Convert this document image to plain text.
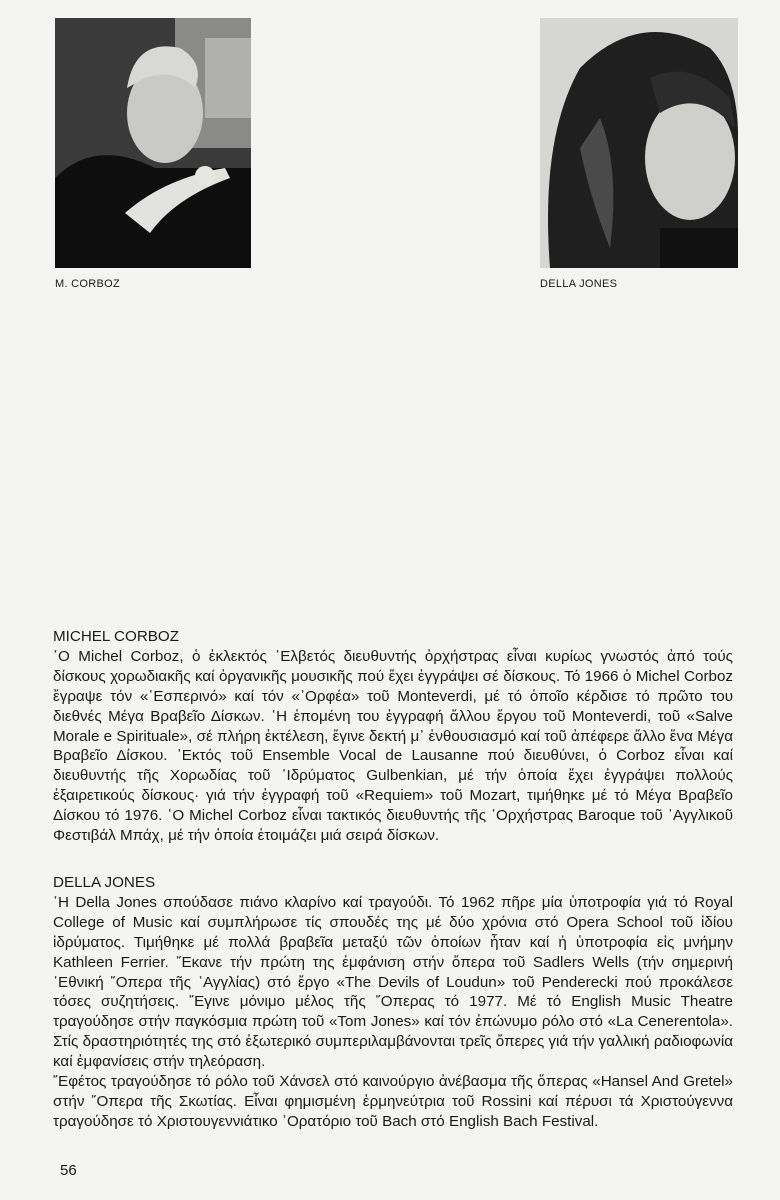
M. CORBOZ	DELLA JONES
MICHEL CORBOZ

῾Ο Michel Corboz, ὁ ἐκλεκτός ῾Ελβετός διευθυντής ὀρχήστρας εἶναι κυρίως γνωστός ἀπό τούς δίσκους χορωδιακῆς καί ὀργανικῆς μουσικῆς πού ἔχει ἐγγράψει σέ δίσκους. Τό 1966 ὁ Michel Corboz ἔγραψε τόν «῾Εσπερινό» καί τόν «᾿Ορφέα» τοῦ Monteverdi, μέ τό ὁποῖο κέρδισε τό πρῶτο του διεθνές Μέγα Βραβεῖο Δίσκων. ῾Η ἑπομένη του ἐγγραφή ἄλλου ἔργου τοῦ Monteverdi, τοῦ «Salve Morale e Spirituale», σέ πλήρη ἐκτέλεση, ἔγινε δεκτή μ᾿ ἐνθουσιασμό καί τοῦ ἀπέφερε ἄλλο ἕνα Μέγα Βραβεῖο Δίσκου. ᾿Εκτός τοῦ Ensemble Vocal de Lausanne πού διευθύνει, ὁ Corboz εἶναι καί διευθυντής τῆς Χορωδίας τοῦ ᾿Ιδρύματος Gulbenkian, μέ τήν ὁποία ἔχει ἐγγράψει πολλούς ἐξαιρετικούς δίσκους· γιά τήν ἐγγραφή τοῦ «Requiem» τοῦ Mozart, τιμήθηκε μέ τό Μέγα Βραβεῖο Δίσκου τό 1976. ῾Ο Michel Corboz εἶναι τακτικός διευθυντής τῆς ᾿Ορχήστρας Baroque τοῦ ᾿Αγγλικοῦ Φεστιβάλ Μπάχ, μέ τήν ὁποία ἑτοιμάζει μιά σειρά δίσκων.

DELLA JONES

῾Η Della Jones σπούδασε πιάνο κλαρίνο καί τραγούδι. Τό 1962 πῆρε μία ὑποτροφία γιά τό Royal College of Music καί συμπλήρωσε τίς σπουδές της μέ δύο χρόνια στό Opera School τοῦ ἰδίου ἱδρύματος. Τιμήθηκε μέ πολλά βραβεῖα μεταξύ τῶν ὁποίων ἦταν καί ἡ ὑποτροφία εἰς μνήμην Kathleen Ferrier. ῎Εκανε τήν πρώτη της ἐμφάνιση στήν ὄπερα τοῦ Sadlers Wells (τήν σημερινή ᾿Εθνική ῎Οπερα τῆς ᾿Αγγλίας) στό ἔργο «The Devils of Loudun» τοῦ Penderecki πού προκάλεσε τόσες συζητήσεις. ῎Εγινε μόνιμο μέλος τῆς ῎Οπερας τό 1977. Μέ τό English Music Theatre τραγούδησε στήν παγκόσμια πρώτη τοῦ «Tom Jones» καί τόν ἐπώνυμο ρόλο στό «La Cenerentola». Στίς δραστηριότητές της στό ἐξωτερικό συμπεριλαμβάνονται τρεῖς ὄπερες γιά τήν γαλλική ραδιοφωνία καί ἐμφανίσεις στήν τηλεόραση.

῎Εφέτος τραγούδησε τό ρόλο τοῦ Χάνσελ στό καινούργιο ἀνέβασμα τῆς ὄπερας «Hansel And Gretel» στήν ῎Οπερα τῆς Σκωτίας. Εἶναι φημισμένη ἑρμηνεύτρια τοῦ Rossini καί πέρυσι τά Χριστούγεννα τραγούδησε τό Χριστουγεννιάτικο ᾿Ορατόριο τοῦ Bach στό English Bach Festival.

56
